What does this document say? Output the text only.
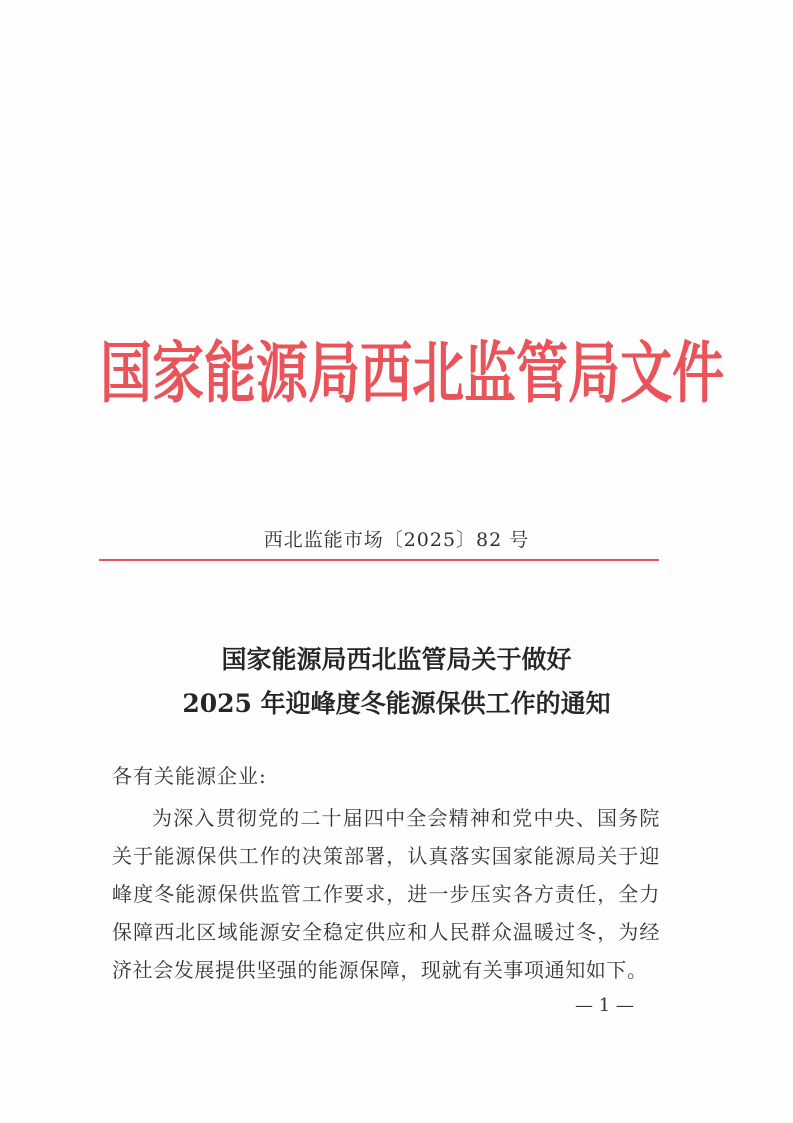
国 家 能 源 局 西 北 监 管 局 文 件
西北监能市场〔2025〕82 号
国家能源局西北监管局关于做好
2025 年迎峰度冬能源保供工作的通知
各有关能源企业:

为深入贯彻党的二十届四中全会精神和党中央、国务院关于能源保供工作的决策部署，认真落实国家能源局关于迎峰度冬能源保供监管工作要求，进一步压实各方责任，全力保障西北区域能源安全稳定供应和人民群众温暖过冬，为经济社会发展提供坚强的能源保障，现就有关事项通知如下。

— 1 —
